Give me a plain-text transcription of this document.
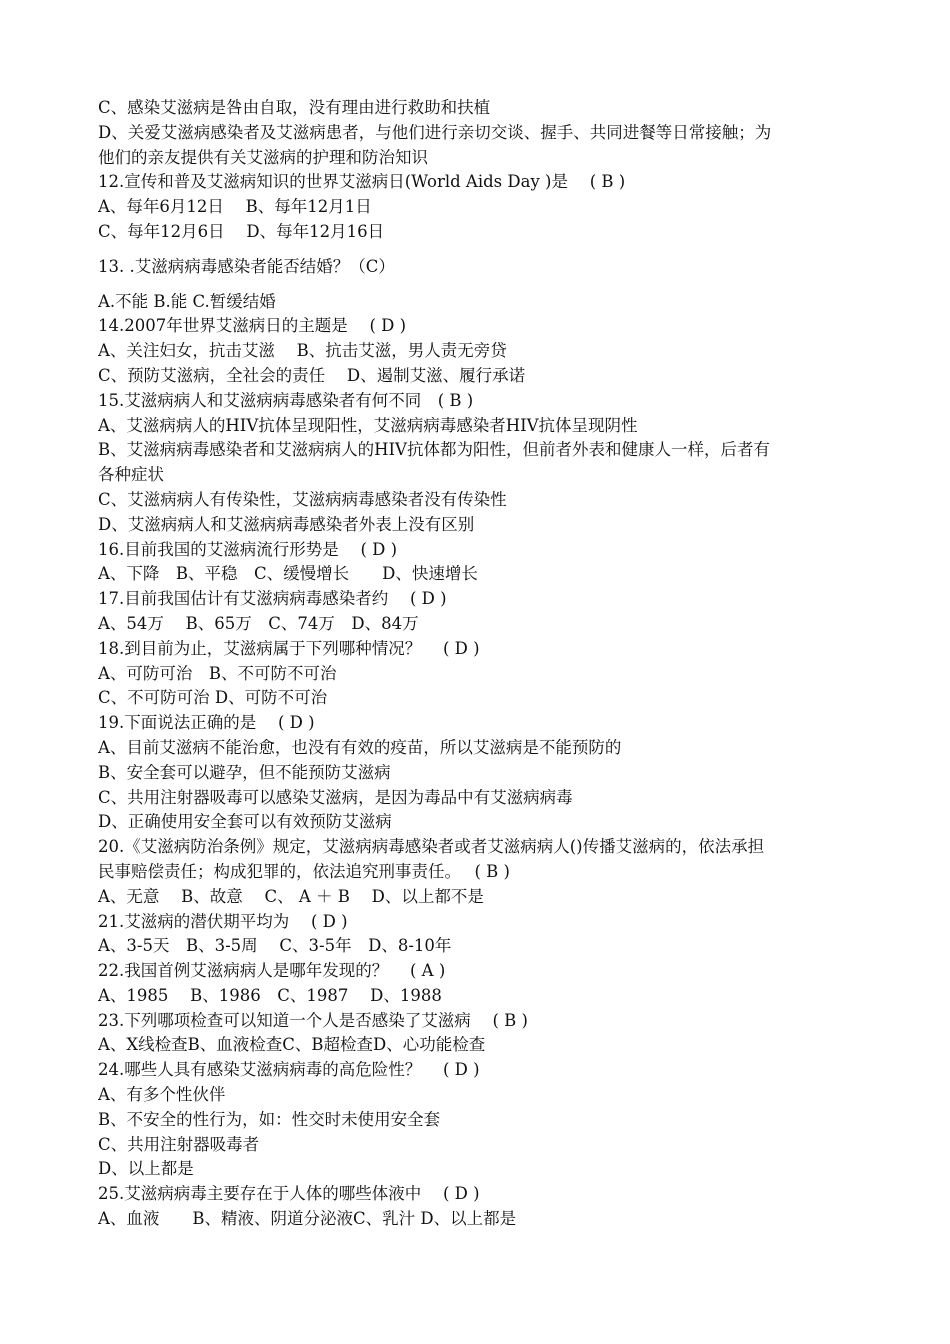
C、感染艾滋病是咎由自取，没有理由进行救助和扶植
D、关爱艾滋病感染者及艾滋病患者，与他们进行亲切交谈、握手、共同进餐等日常接触；为
他们的亲友提供有关艾滋病的护理和防治知识
12.宣传和普及艾滋病知识的世界艾滋病日(World Aids Day )是　 ( B )
A、每年6月12日　 B、每年12月1日
C、每年12月6日　 D、每年12月16日
13. .艾滋病病毒感染者能否结婚？（C）
A.不能 B.能 C.暂缓结婚
14.2007年世界艾滋病日的主题是　 ( D )
A、关注妇女，抗击艾滋　 B、抗击艾滋，男人责无旁贷
C、预防艾滋病，全社会的责任　 D、遏制艾滋、履行承诺
15.艾滋病病人和艾滋病病毒感染者有何不同　( B )
A、艾滋病病人的HIV抗体呈现阳性，艾滋病病毒感染者HIV抗体呈现阴性
B、艾滋病病毒感染者和艾滋病病人的HIV抗体都为阳性，但前者外表和健康人一样，后者有
各种症状
C、艾滋病病人有传染性，艾滋病病毒感染者没有传染性
D、艾滋病病人和艾滋病病毒感染者外表上没有区别
16.目前我国的艾滋病流行形势是　 ( D )
A、下降　B、平稳　C、缓慢增长　　D、快速增长
17.目前我国估计有艾滋病病毒感染者约　 ( D )
A、54万　 B、65万　C、74万　D、84万
18.到目前为止，艾滋病属于下列哪种情况？　 ( D )
A、可防可治　B、不可防不可治
C、不可防可治 D、可防不可治
19.下面说法正确的是　 ( D )
A、目前艾滋病不能治愈，也没有有效的疫苗，所以艾滋病是不能预防的
B、安全套可以避孕，但不能预防艾滋病
C、共用注射器吸毒可以感染艾滋病，是因为毒品中有艾滋病病毒
D、正确使用安全套可以有效预防艾滋病
20.《艾滋病防治条例》规定，艾滋病病毒感染者或者艾滋病病人()传播艾滋病的，依法承担
民事赔偿责任；构成犯罪的，依法追究刑事责任。　 ( B )
A、无意　 B、故意　 C、 A ＋ B　 D、以上都不是
21.艾滋病的潜伏期平均为　 ( D )
A、3-5天　B、3-5周　 C、3-5年　D、8-10年
22.我国首例艾滋病病人是哪年发现的？　 ( A )
A、1985　 B、1986　C、1987　 D、1988
23.下列哪项检查可以知道一个人是否感染了艾滋病　 ( B )
A、X线检查B、血液检查C、B超检查D、心功能检查
24.哪些人具有感染艾滋病病毒的高危险性？　 ( D )
A、有多个性伙伴
B、不安全的性行为，如：性交时未使用安全套
C、共用注射器吸毒者
D、以上都是
25.艾滋病病毒主要存在于人体的哪些体液中　 ( D )
A、血液　　B、精液、阴道分泌液C、乳汁 D、以上都是
